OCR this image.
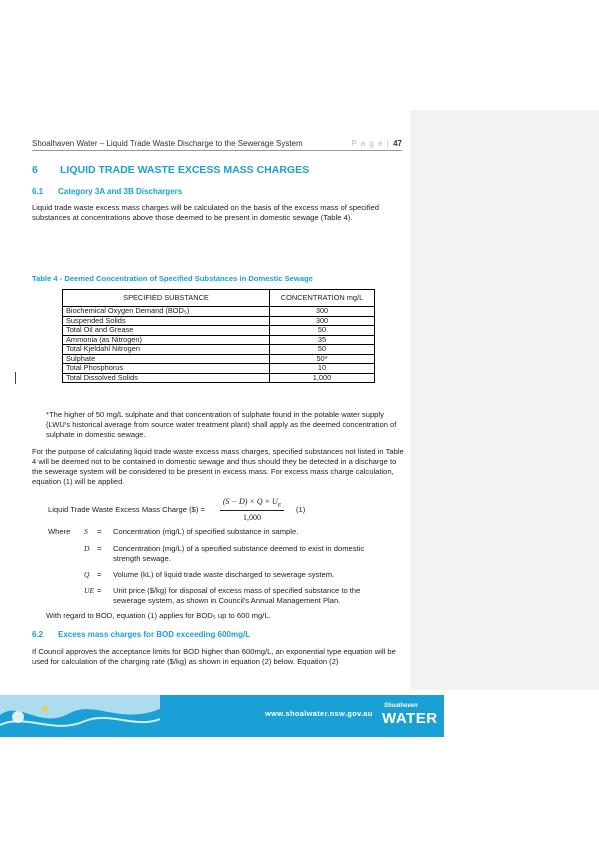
Shoalhaven Water – Liquid Trade Waste Discharge to the Sewerage System	P a g e | 47
6 LIQUID TRADE WASTE EXCESS MASS CHARGES
6.1 Category 3A and 3B Dischargers
Liquid trade waste excess mass charges will be calculated on the basis of the excess mass of specified substances at concentrations above those deemed to be present in domestic sewage (Table 4).
Table 4 - Deemed Concentration of Specified Substances in Domestic Sewage
SPECIFIED SUBSTANCE	CONCENTRATION mg/L
Biochemical Oxygen Demand (BOD₅)	300
Suspended Solids	300
Total Oil and Grease	50
Ammonia (as Nitrogen)	35
Total Kjeldahl Nitrogen	50
Sulphate	50*
Total Phosphorus	10
Total Dissolved Solids	1,000
*The higher of 50 mg/L sulphate and that concentration of sulphate found in the potable water supply (LWU's historical average from source water treatment plant) shall apply as the deemed concentration of sulphate in domestic sewage.
For the purpose of calculating liquid trade waste excess mass charges, specified substances not listed in Table 4 will be deemed not to be contained in domestic sewage and thus should they be detected in a discharge to the sewerage system will be considered to be present in excess mass. For excess mass charge calculation, equation (1) will be applied.
Liquid Trade Waste Excess Mass Charge ($) = $\frac{(S - D) \times Q \times U_E}{1,000} (1)$
Where S = Concentration (mg/L) of specified substance in sample.
D = Concentration (mg/L) of a specified substance deemed to exist in domestic strength sewage.
Q = Volume (kL) of liquid trade waste discharged to sewerage system.
UE = Unit price ($/kg) for disposal of excess mass of specified substance to the sewerage system, as shown in Council's Annual Management Plan.
With regard to BOD, equation (1) applies for BOD₅ up to 600 mg/L.
6.2 Excess mass charges for BOD exceeding 600mg/L
If Council approves the acceptance limits for BOD higher than 600mg/L, an exponential type equation will be used for calculation of the charging rate ($/kg) as shown in equation (2) below. Equation (2)
www.shoalwater.nsw.gov.au
Shoalhaven
WATER
